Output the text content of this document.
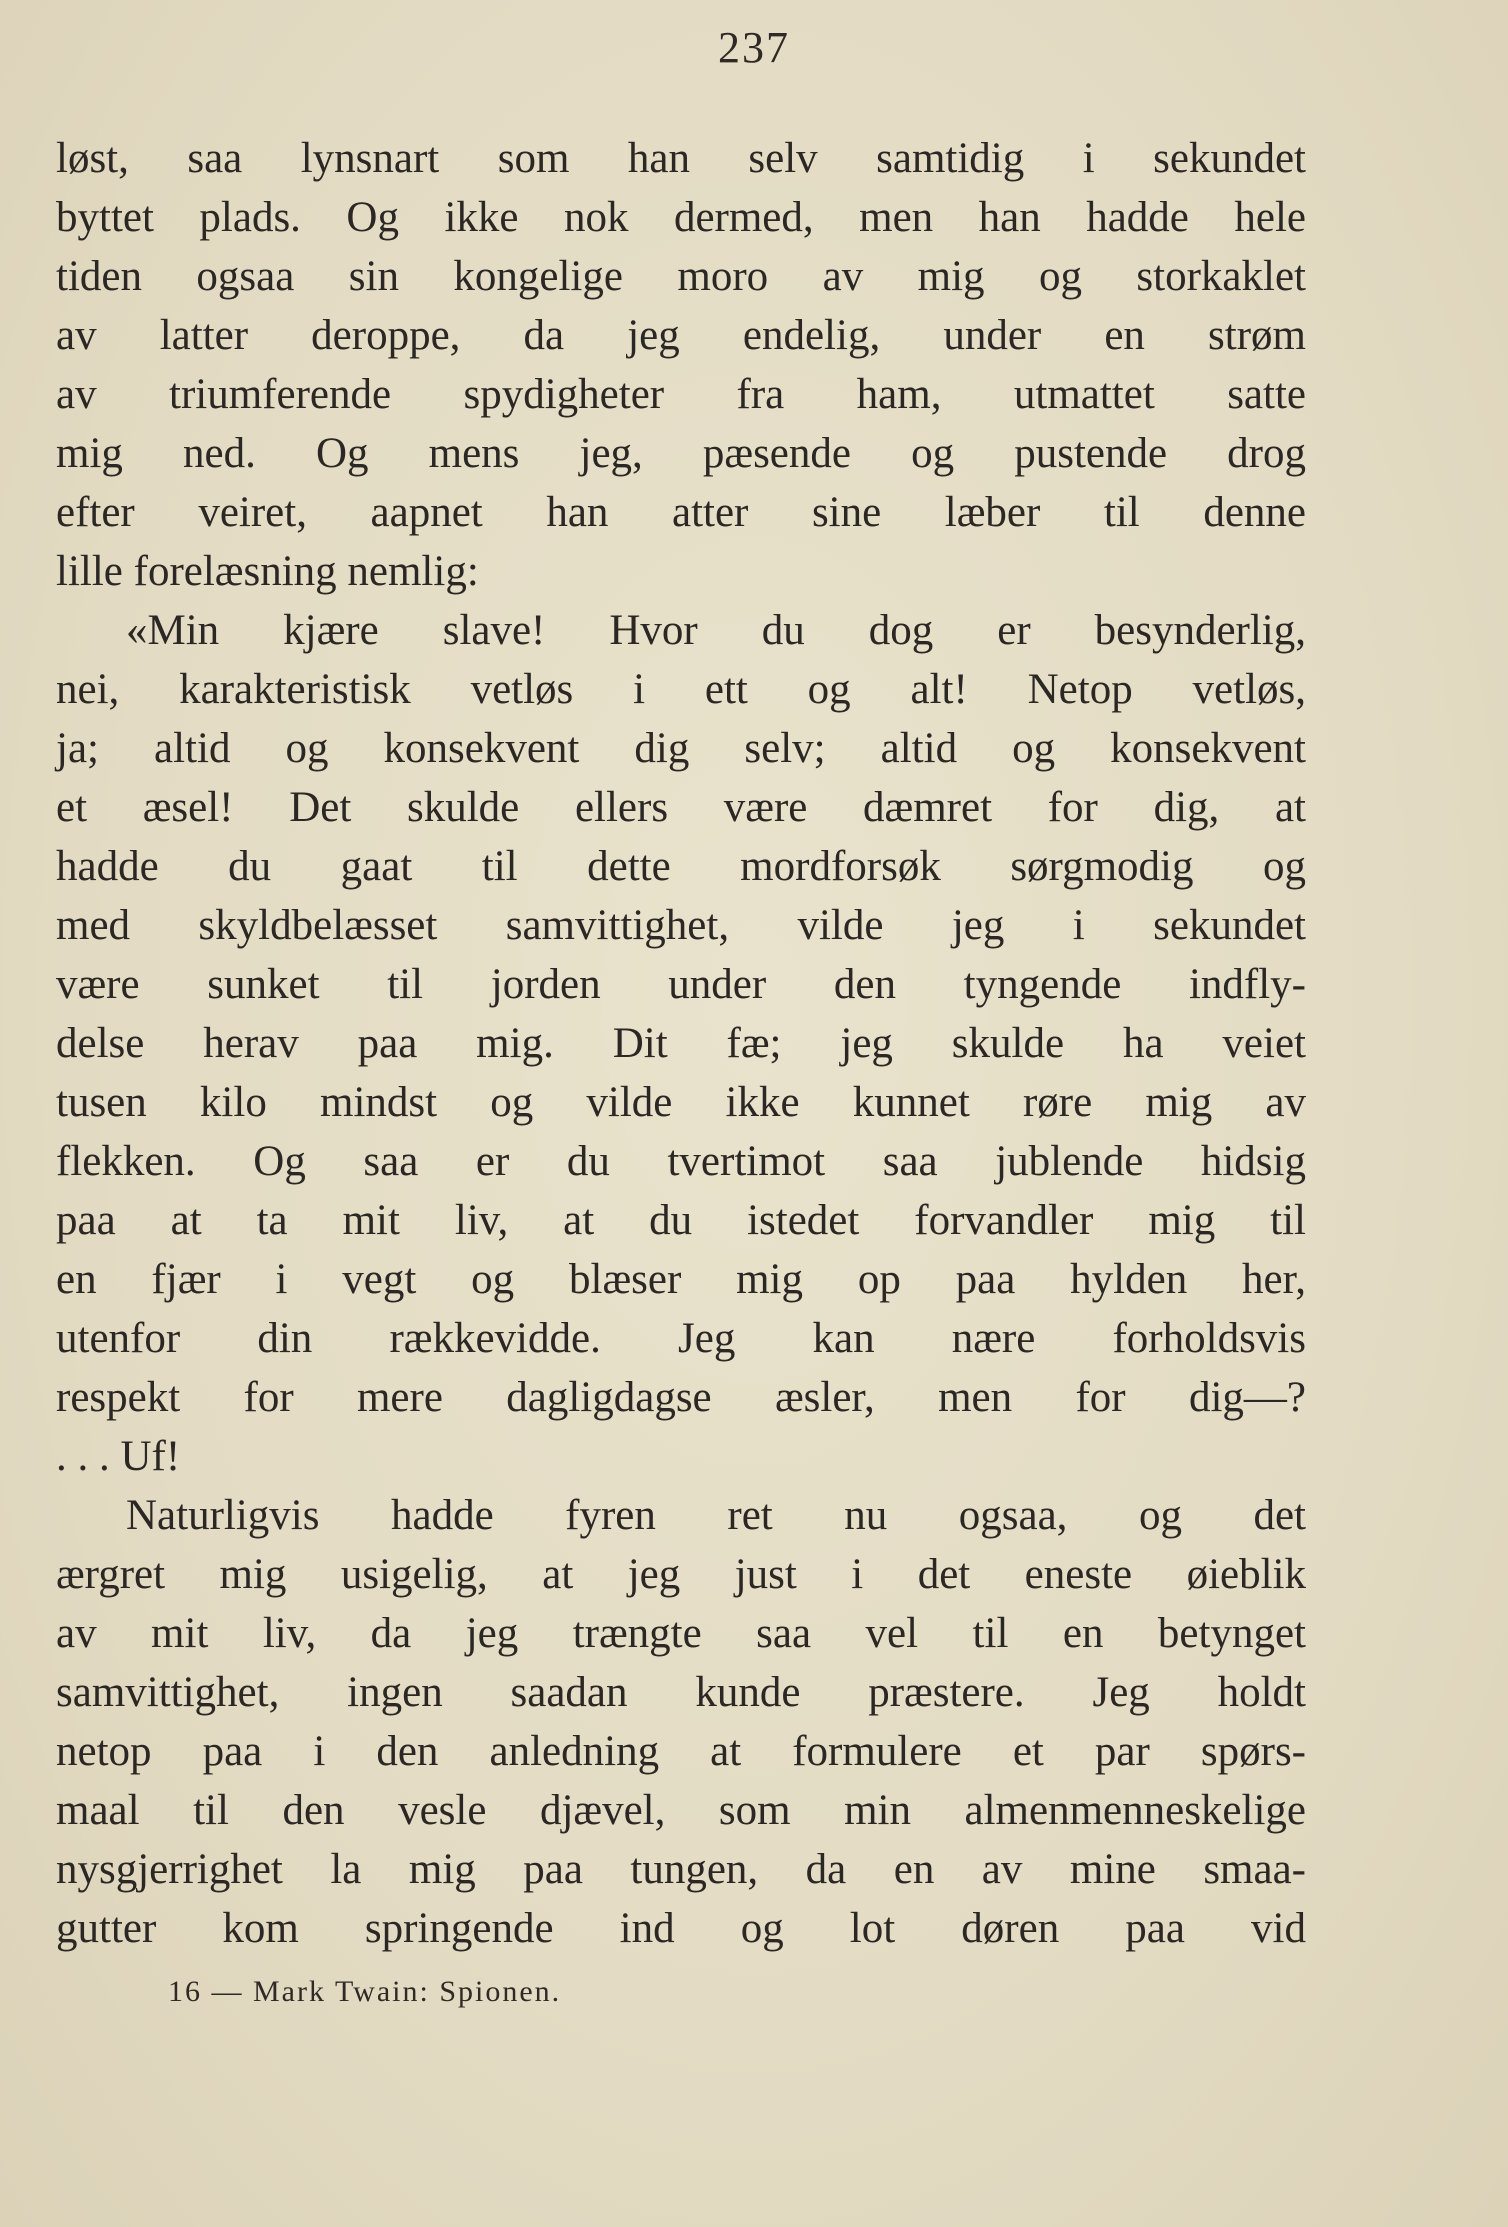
237
løst, saa lynsnart som han selv samtidig i sekundet
byttet plads. Og ikke nok dermed, men han hadde hele
tiden ogsaa sin kongelige moro av mig og storkaklet
av latter deroppe, da jeg endelig, under en strøm
av triumferende spydigheter fra ham, utmattet satte
mig ned. Og mens jeg, pæsende og pustende drog
efter veiret, aapnet han atter sine læber til denne
lille forelæsning nemlig:
«Min kjære slave! Hvor du dog er besynderlig,
nei, karakteristisk vetløs i ett og alt! Netop vetløs,
ja; altid og konsekvent dig selv; altid og konsekvent
et æsel! Det skulde ellers være dæmret for dig, at
hadde du gaat til dette mordforsøk sørgmodig og
med skyldbelæsset samvittighet, vilde jeg i sekundet
være sunket til jorden under den tyngende indfly-
delse herav paa mig. Dit fæ; jeg skulde ha veiet
tusen kilo mindst og vilde ikke kunnet røre mig av
flekken. Og saa er du tvertimot saa jublende hidsig
paa at ta mit liv, at du istedet forvandler mig til
en fjær i vegt og blæser mig op paa hylden her,
utenfor din rækkevidde. Jeg kan nære forholdsvis
respekt for mere dagligdagse æsler, men for dig—?
. . . Uf!
Naturligvis hadde fyren ret nu ogsaa, og det
ærgret mig usigelig, at jeg just i det eneste øieblik
av mit liv, da jeg trængte saa vel til en betynget
samvittighet, ingen saadan kunde præstere. Jeg holdt
netop paa i den anledning at formulere et par spørs-
maal til den vesle djævel, som min almenmenneskelige
nysgjerrighet la mig paa tungen, da en av mine smaa-
gutter kom springende ind og lot døren paa vid
16 — Mark Twain: Spionen.
